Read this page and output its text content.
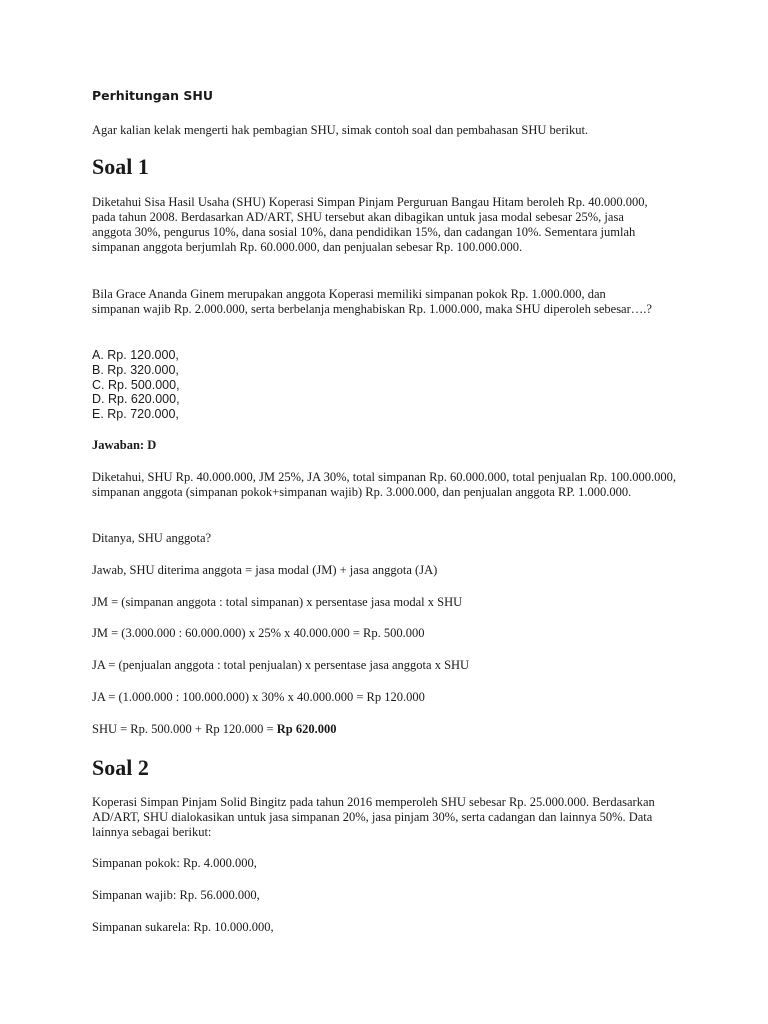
Perhitungan SHU

Agar kalian kelak mengerti hak pembagian SHU, simak contoh soal dan pembahasan SHU berikut.

Soal 1

Diketahui Sisa Hasil Usaha (SHU) Koperasi Simpan Pinjam Perguruan Bangau Hitam beroleh Rp. 40.000.000, pada tahun 2008. Berdasarkan AD/ART, SHU tersebut akan dibagikan untuk jasa modal sebesar 25%, jasa anggota 30%, pengurus 10%, dana sosial 10%, dana pendidikan 15%, dan cadangan 10%. Sementara jumlah simpanan anggota berjumlah Rp. 60.000.000, dan penjualan sebesar Rp. 100.000.000.

Bila Grace Ananda Ginem merupakan anggota Koperasi memiliki simpanan pokok Rp. 1.000.000, dan simpanan wajib Rp. 2.000.000, serta berbelanja menghabiskan Rp. 1.000.000, maka SHU diperoleh sebesar….?

A. Rp. 120.000,
B. Rp. 320.000,
C. Rp. 500.000,
D. Rp. 620.000,
E. Rp. 720.000,

Jawaban: D

Diketahui, SHU Rp. 40.000.000, JM 25%, JA 30%, total simpanan Rp. 60.000.000, total penjualan Rp. 100.000.000, simpanan anggota (simpanan pokok+simpanan wajib) Rp. 3.000.000, dan penjualan anggota RP. 1.000.000.

Ditanya, SHU anggota?

Jawab, SHU diterima anggota = jasa modal (JM) + jasa anggota (JA)

JM = (simpanan anggota : total simpanan) x persentase jasa modal x SHU

JM = (3.000.000 : 60.000.000) x 25% x 40.000.000 = Rp. 500.000

JA = (penjualan anggota : total penjualan) x persentase jasa anggota x SHU

JA = (1.000.000 : 100.000.000) x 30% x 40.000.000 = Rp 120.000

SHU = Rp. 500.000 + Rp 120.000 = Rp 620.000

Soal 2

Koperasi Simpan Pinjam Solid Bingitz pada tahun 2016 memperoleh SHU sebesar Rp. 25.000.000. Berdasarkan AD/ART, SHU dialokasikan untuk jasa simpanan 20%, jasa pinjam 30%, serta cadangan dan lainnya 50%. Data lainnya sebagai berikut:

Simpanan pokok: Rp. 4.000.000,

Simpanan wajib: Rp. 56.000.000,

Simpanan sukarela: Rp. 10.000.000,
